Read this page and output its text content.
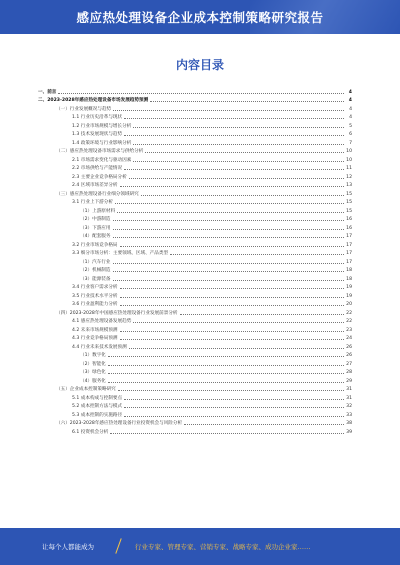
感应热处理设备企业成本控制策略研究报告
内容目录
一、前言	4
二、2023-2028年感应热处理设备市场发展趋势预测	4
（一）行业发展概况与趋势	4
1.1 行业历史沿革与现状	4
1.2 行业市场规模与增长分析	5
1.3 技术发展现状与趋势	6
1.4 政策环境与行业影响分析	7
（二）感应热处理设备市场需求与供给分析	10
2.1 市场需求变化与驱动因素	10
2.2 市场供给与产能情况	11
2.3 主要企业竞争格局分析	12
2.4 区域市场差异分析	13
（三）感应热处理设备行业细分领域研究	15
3.1 行业上下游分析	15
（1）上游原材料	15
（2）中游制造	16
（3）下游应用	16
（4）配套服务	17
3.2 行业市场竞争格局	17
3.3 细分市场分析：主要领域、区域、产品类型	17
（1）汽车行业	17
（2）机械制造	18
（3）能源装备	18
3.4 行业客户需求分析	19
3.5 行业技术水平分析	19
3.6 行业盈利能力分析	20
（四）2023-2028年中国感应热处理设备行业发展前景分析	22
4.1 感应热处理设备发展趋势	22
4.2 未来市场规模预测	23
4.3 行业竞争格局预测	24
4.4 行业未来技术发展预测	26
（1）数字化	26
（2）智能化	27
（3）绿色化	28
（4）服务化	29
（五）企业成本控制策略研究	31
5.1 成本构成与控制要点	31
5.2 成本控制方法与模式	32
5.3 成本控制的实施路径	33
（六）2023-2028年感应热处理设备行业投资机会与风险分析	38
6.1 投资机会分析	39
让每个人都能成为	行业专家、管理专家、营销专家、战略专家、成功企业家……
